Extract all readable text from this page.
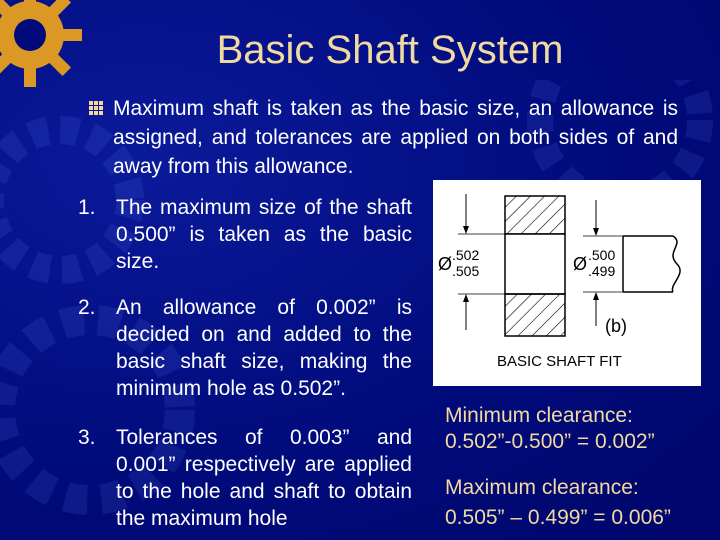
Basic Shaft System
Maximum shaft is taken as the basic size, an allowance is assigned, and tolerances are applied on both sides of and away from this allowance.
1. The maximum size of the shaft 0.500” is taken as the basic size.
2. An allowance of 0.002” is decided on and added to the basic shaft size, making the minimum hole as 0.502”.
3. Tolerances of 0.003” and 0.001” respectively are applied to the hole and shaft to obtain the maximum hole
Ø .502
.505	Ø .500
.499
(b)
BASIC SHAFT FIT
Minimum clearance:
0.502”-0.500” = 0.002”
Maximum clearance:
0.505” – 0.499” = 0.006”
